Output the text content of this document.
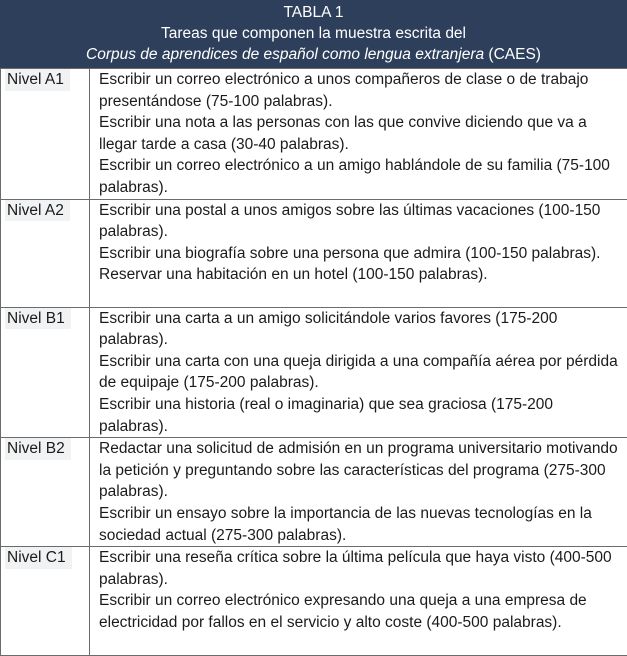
TABLA 1
Tareas que componen la muestra escrita del
Corpus de aprendices de español como lengua extranjera (CAES)
Nivel A1	Escribir un correo electrónico a unos compañeros de clase o de trabajo presentándose (75-100 palabras).
Escribir una nota a las personas con las que convive diciendo que va a llegar tarde a casa (30-40 palabras).
Escribir un correo electrónico a un amigo hablándole de su familia (75-100 palabras).

Nivel A2	Escribir una postal a unos amigos sobre las últimas vacaciones (100-150 palabras).
Escribir una biografía sobre una persona que admira (100-150 palabras).
Reservar una habitación en un hotel (100-150 palabras).

Nivel B1	Escribir una carta a un amigo solicitándole varios favores (175-200 palabras).
Escribir una carta con una queja dirigida a una compañía aérea por pérdida de equipaje (175-200 palabras).
Escribir una historia (real o imaginaria) que sea graciosa (175-200 palabras).

Nivel B2	Redactar una solicitud de admisión en un programa universitario motivando la petición y preguntando sobre las características del programa (275-300 palabras).
Escribir un ensayo sobre la importancia de las nuevas tecnologías en la sociedad actual (275-300 palabras).

Nivel C1	Escribir una reseña crítica sobre la última película que haya visto (400-500 palabras).
Escribir un correo electrónico expresando una queja a una empresa de electricidad por fallos en el servicio y alto coste (400-500 palabras).
